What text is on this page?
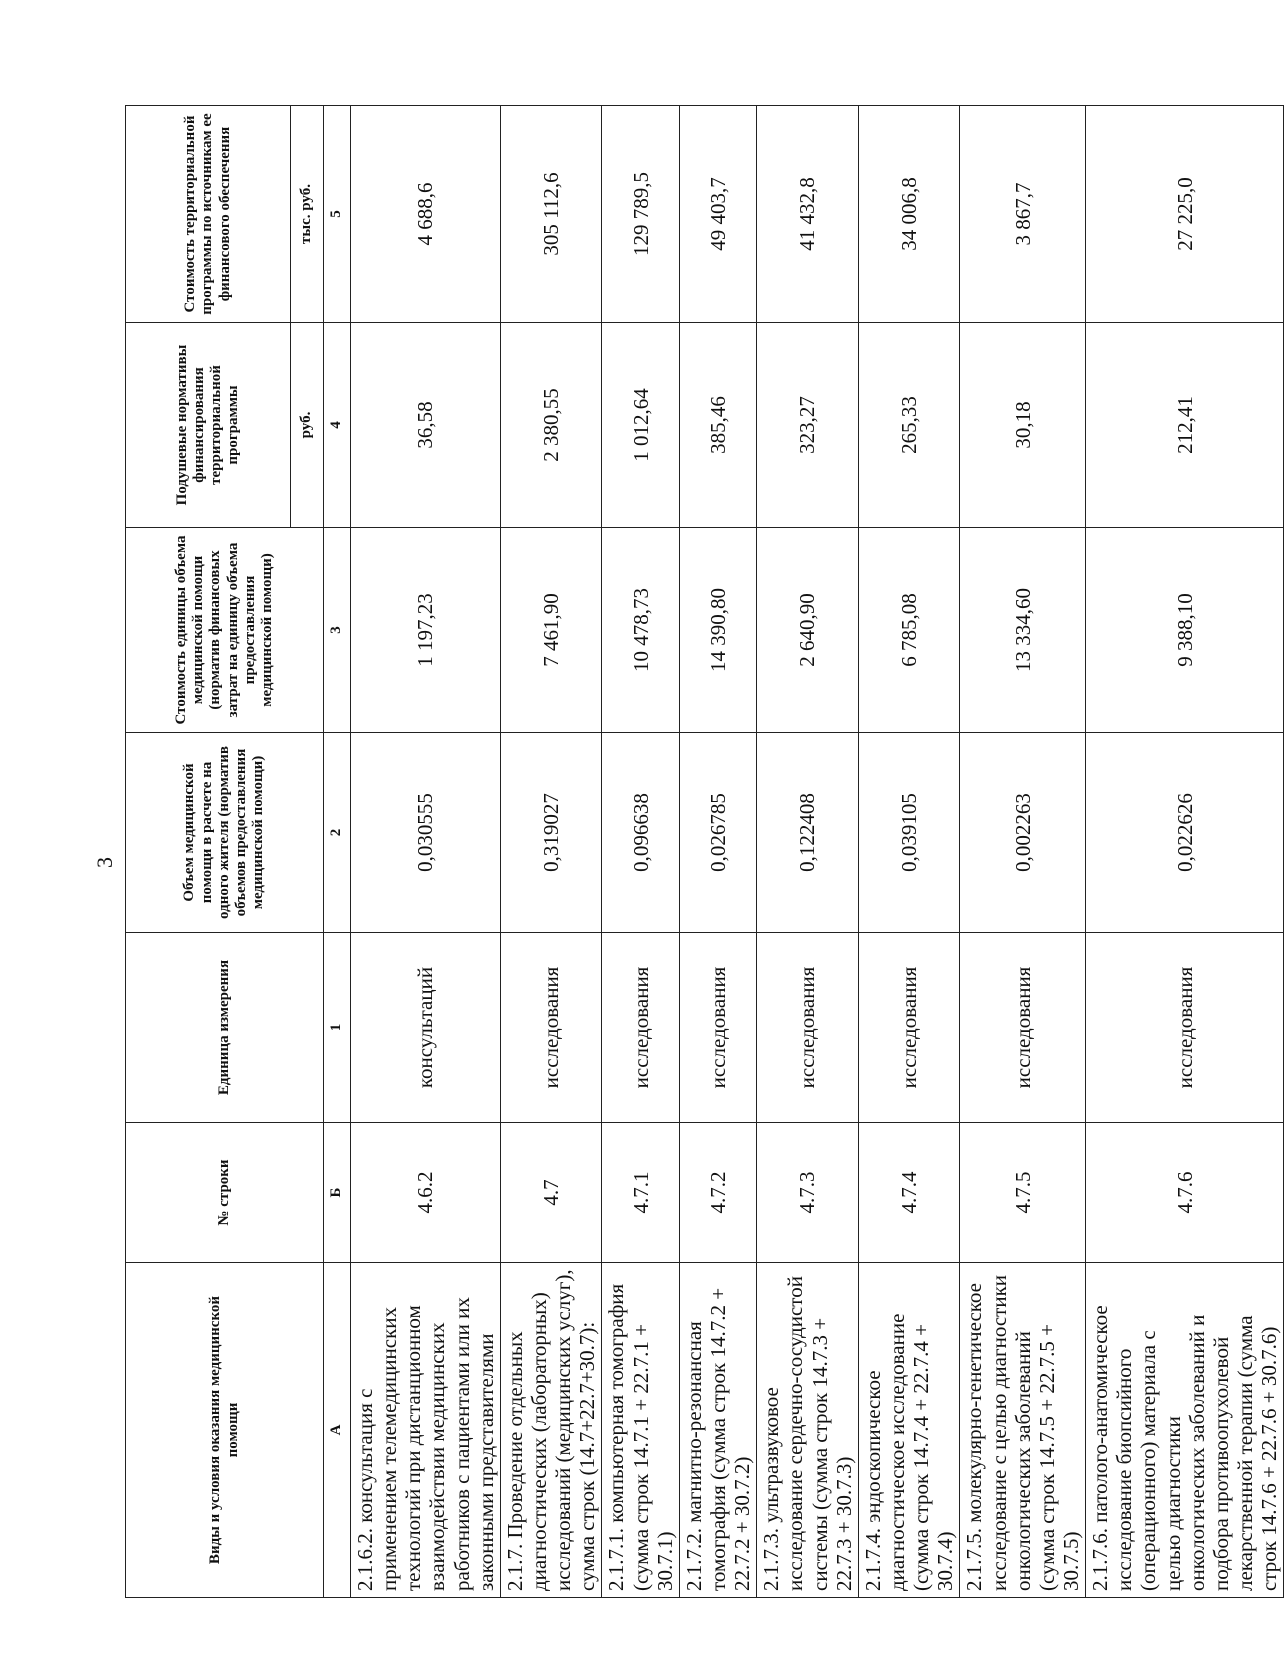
3
Виды и условия оказания медицинской помощи	№ строки	Единица измерения	Объем медицинской помощи в расчете на одного жителя (норматив объемов предоставления медицинской помощи)	Стоимость единицы объема медицинской помощи (норматив финансовых затрат на единицу объема предоставления медицинской помощи)	Подушевые нормативы финансирования территориальной программы	Стоимость территориальной программы по источникам ее финансового обеспечения
					руб.	тыс. руб.
А	Б	1	2	3	4	5
2.1.6.2. консультация с применением телемедицинских технологий при дистанционном взаимодействии медицинских работников с пациентами или их законными представителями	4.6.2	консультаций	0,030555	1 197,23	36,58	4 688,6
2.1.7. Проведение отдельных диагностических (лабораторных) исследований (медицинских услуг), сумма строк (14.7+22.7+30.7):	4.7	исследования	0,319027	7 461,90	2 380,55	305 112,6
2.1.7.1. компьютерная томография (сумма строк 14.7.1 + 22.7.1 + 30.7.1)	4.7.1	исследования	0,096638	10 478,73	1 012,64	129 789,5
2.1.7.2. магнитно-резонансная томография (сумма строк 14.7.2 + 22.7.2 + 30.7.2)	4.7.2	исследования	0,026785	14 390,80	385,46	49 403,7
2.1.7.3. ультразвуковое исследование сердечно-сосудистой системы (сумма строк 14.7.3 + 22.7.3 + 30.7.3)	4.7.3	исследования	0,122408	2 640,90	323,27	41 432,8
2.1.7.4. эндоскопическое диагностическое исследование (сумма строк 14.7.4 + 22.7.4 + 30.7.4)	4.7.4	исследования	0,039105	6 785,08	265,33	34 006,8
2.1.7.5. молекулярно-генетическое исследование с целью диагностики онкологических заболеваний (сумма строк 14.7.5 + 22.7.5 + 30.7.5)	4.7.5	исследования	0,002263	13 334,60	30,18	3 867,7
2.1.7.6. патолого-анатомическое исследование биопсийного (операционного) материала с целью диагностики онкологических заболеваний и подбора противоопухолевой лекарственной терапии (сумма строк 14.7.6 + 22.7.6 + 30.7.6)	4.7.6	исследования	0,022626	9 388,10	212,41	27 225,0
